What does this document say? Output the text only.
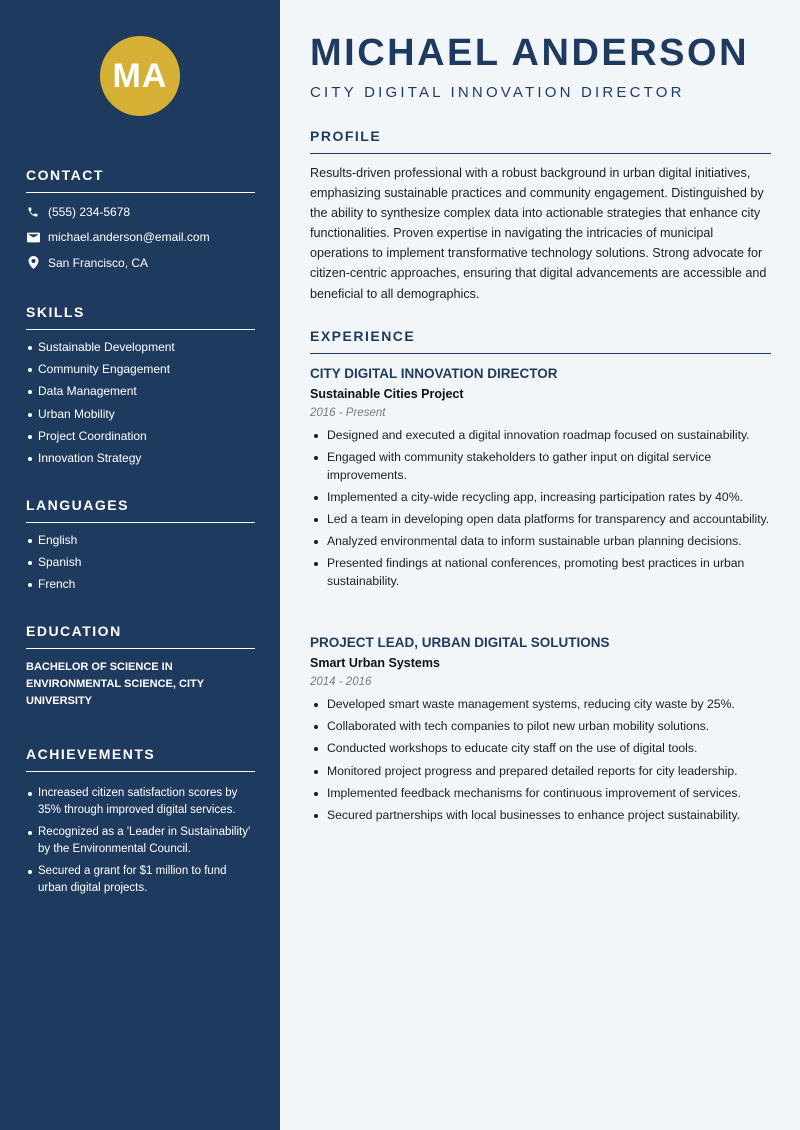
MA
CONTACT
(555) 234-5678
michael.anderson@email.com
San Francisco, CA
SKILLS
Sustainable Development
Community Engagement
Data Management
Urban Mobility
Project Coordination
Innovation Strategy
LANGUAGES
English
Spanish
French
EDUCATION
BACHELOR OF SCIENCE IN ENVIRONMENTAL SCIENCE, CITY UNIVERSITY
ACHIEVEMENTS
Increased citizen satisfaction scores by 35% through improved digital services.
Recognized as a 'Leader in Sustainability' by the Environmental Council.
Secured a grant for $1 million to fund urban digital projects.
MICHAEL ANDERSON
CITY DIGITAL INNOVATION DIRECTOR
PROFILE
Results-driven professional with a robust background in urban digital initiatives, emphasizing sustainable practices and community engagement. Distinguished by the ability to synthesize complex data into actionable strategies that enhance city functionalities. Proven expertise in navigating the intricacies of municipal operations to implement transformative technology solutions. Strong advocate for citizen-centric approaches, ensuring that digital advancements are accessible and beneficial to all demographics.
EXPERIENCE
CITY DIGITAL INNOVATION DIRECTOR
Sustainable Cities Project
2016 - Present
Designed and executed a digital innovation roadmap focused on sustainability.
Engaged with community stakeholders to gather input on digital service improvements.
Implemented a city-wide recycling app, increasing participation rates by 40%.
Led a team in developing open data platforms for transparency and accountability.
Analyzed environmental data to inform sustainable urban planning decisions.
Presented findings at national conferences, promoting best practices in urban sustainability.
PROJECT LEAD, URBAN DIGITAL SOLUTIONS
Smart Urban Systems
2014 - 2016
Developed smart waste management systems, reducing city waste by 25%.
Collaborated with tech companies to pilot new urban mobility solutions.
Conducted workshops to educate city staff on the use of digital tools.
Monitored project progress and prepared detailed reports for city leadership.
Implemented feedback mechanisms for continuous improvement of services.
Secured partnerships with local businesses to enhance project sustainability.
